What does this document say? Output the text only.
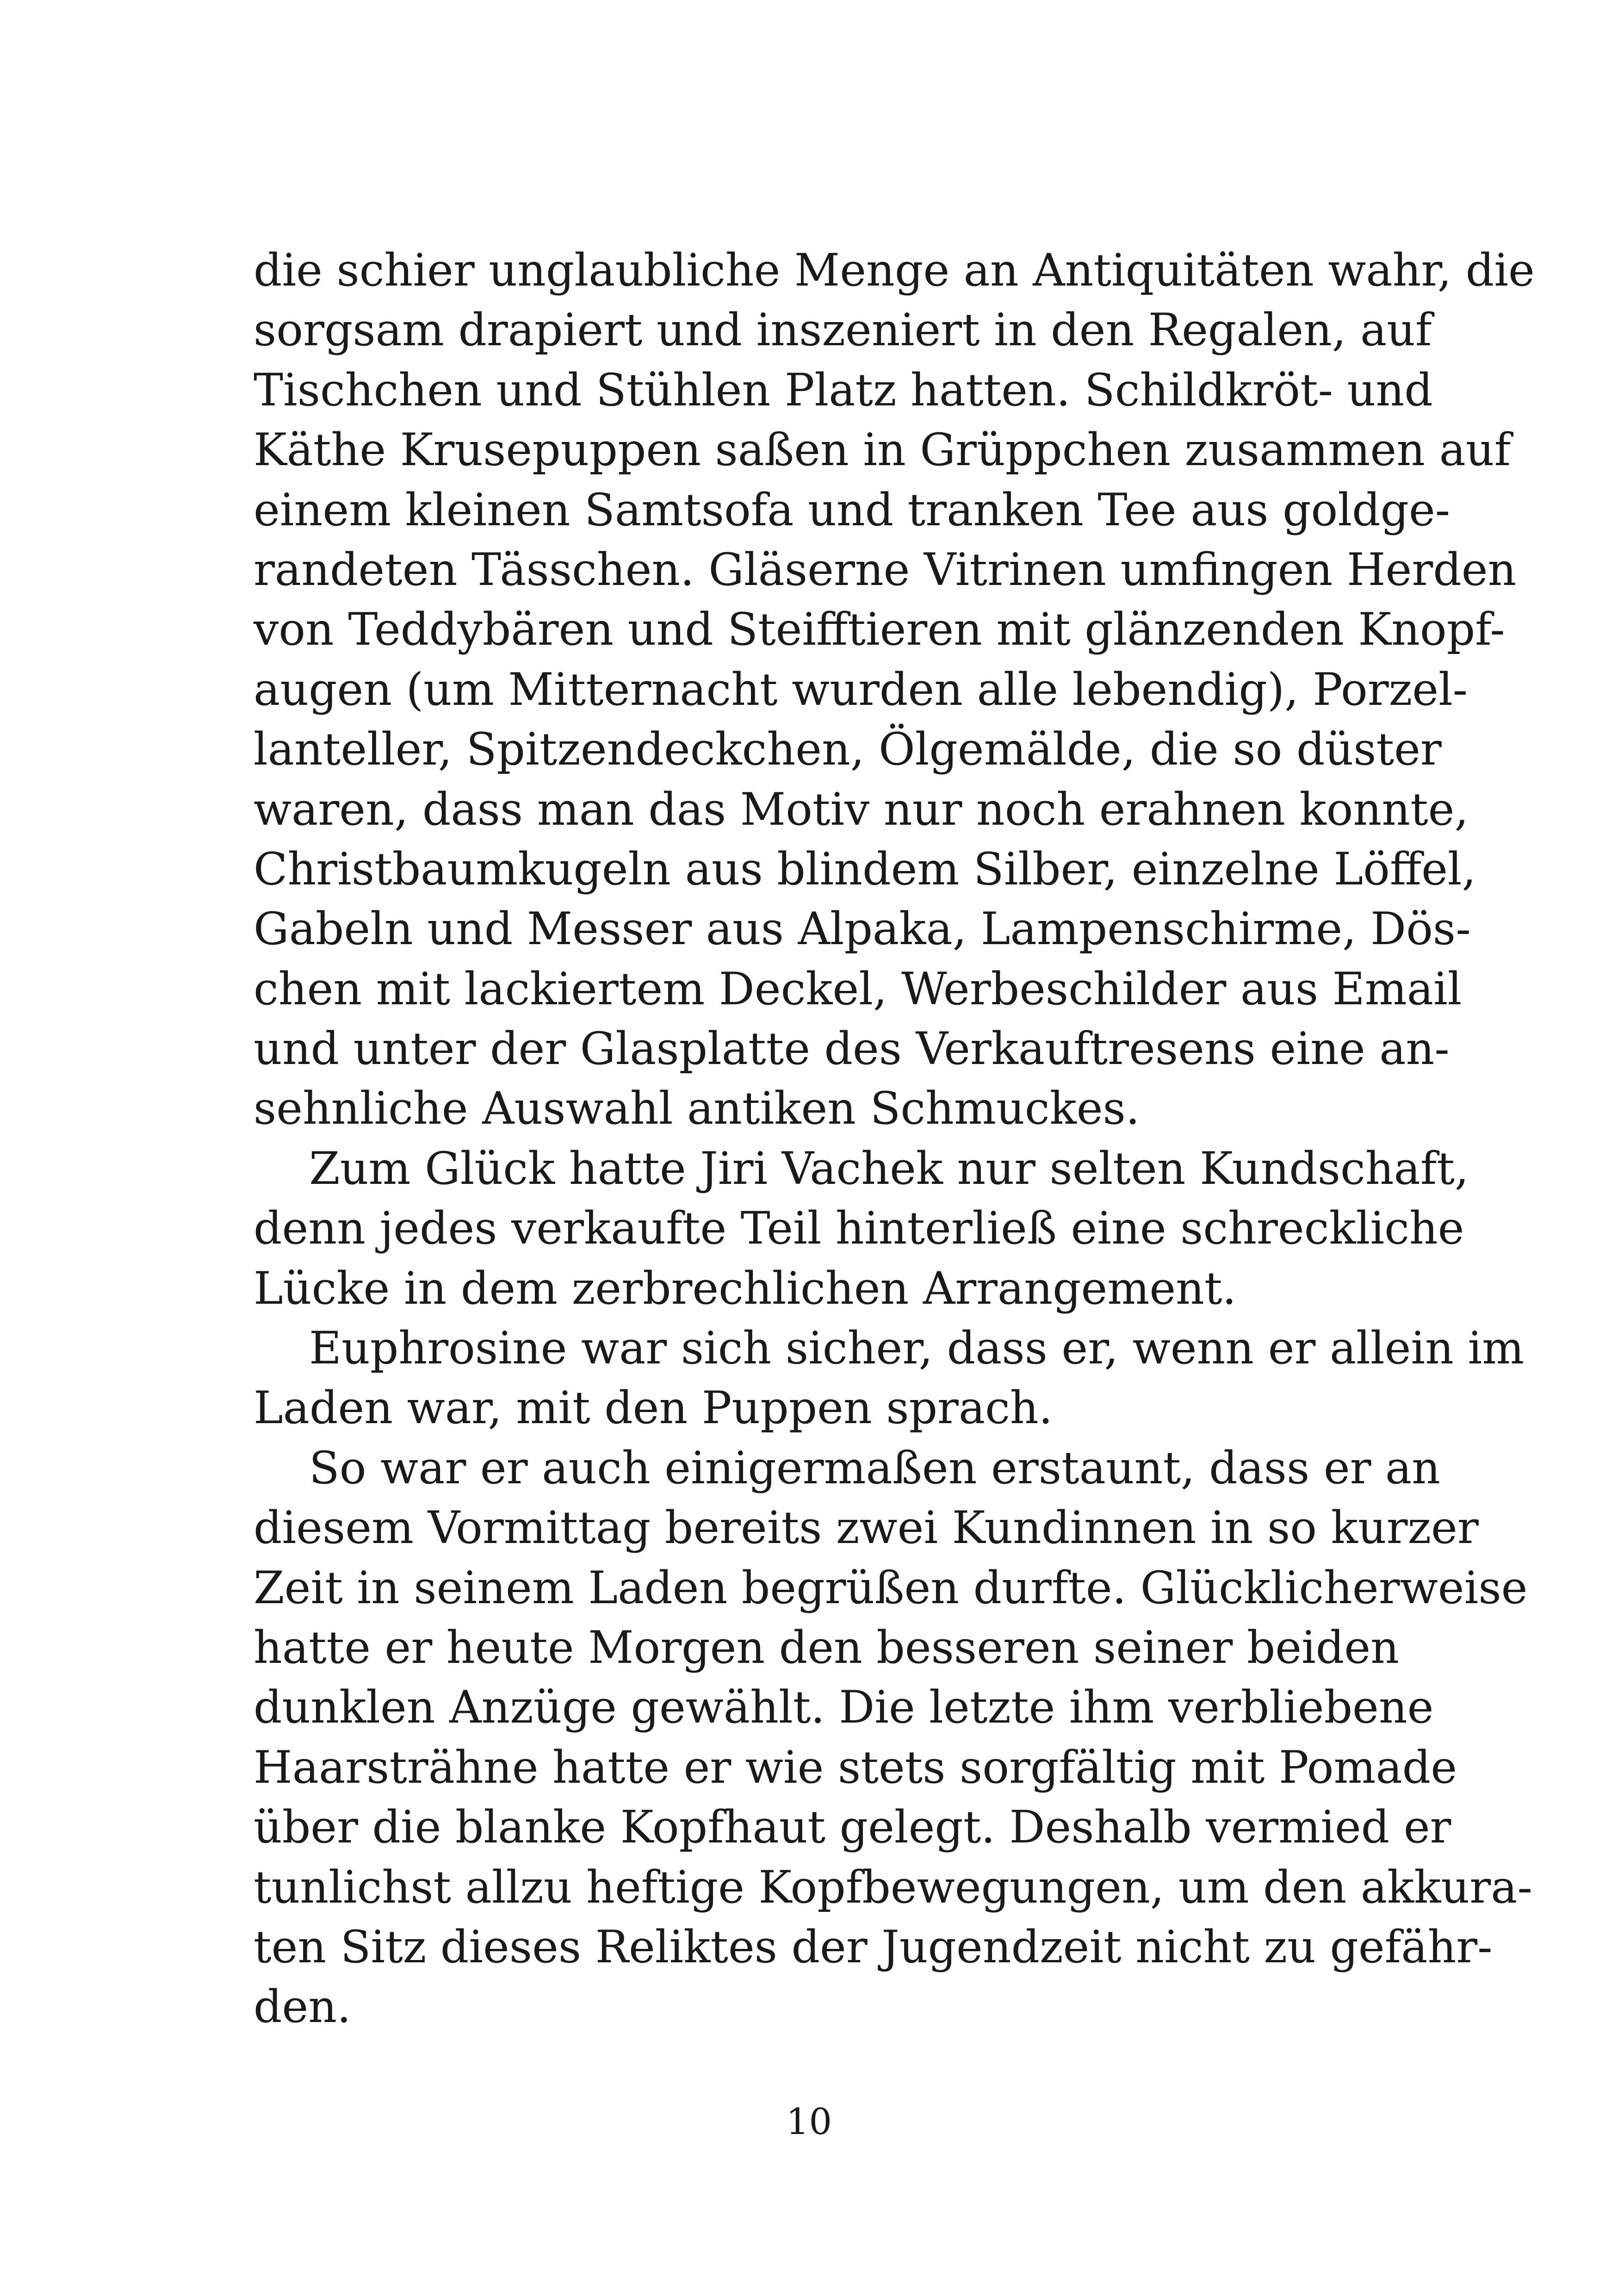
die schier unglaubliche Menge an Antiquitäten wahr, die
sorgsam drapiert und inszeniert in den Regalen, auf
Tischchen und Stühlen Platz hatten. Schildkröt- und
Käthe Krusepuppen saßen in Grüppchen zusammen auf
einem kleinen Samtsofa und tranken Tee aus goldge-
randeten Tässchen. Gläserne Vitrinen umfingen Herden
von Teddybären und Steifftieren mit glänzenden Knopf-
augen (um Mitternacht wurden alle lebendig), Porzel-
lanteller, Spitzendeckchen, Ölgemälde, die so düster
waren, dass man das Motiv nur noch erahnen konnte,
Christbaumkugeln aus blindem Silber, einzelne Löffel,
Gabeln und Messer aus Alpaka, Lampenschirme, Dös-
chen mit lackiertem Deckel, Werbeschilder aus Email
und unter der Glasplatte des Verkauftresens eine an-
sehnliche Auswahl antiken Schmuckes.
Zum Glück hatte Jiri Vachek nur selten Kundschaft,
denn jedes verkaufte Teil hinterließ eine schreckliche
Lücke in dem zerbrechlichen Arrangement.
Euphrosine war sich sicher, dass er, wenn er allein im
Laden war, mit den Puppen sprach.
So war er auch einigermaßen erstaunt, dass er an
diesem Vormittag bereits zwei Kundinnen in so kurzer
Zeit in seinem Laden begrüßen durfte. Glücklicherweise
hatte er heute Morgen den besseren seiner beiden
dunklen Anzüge gewählt. Die letzte ihm verbliebene
Haarsträhne hatte er wie stets sorgfältig mit Pomade
über die blanke Kopfhaut gelegt. Deshalb vermied er
tunlichst allzu heftige Kopfbewegungen, um den akkura-
ten Sitz dieses Reliktes der Jugendzeit nicht zu gefähr-
den.
10
